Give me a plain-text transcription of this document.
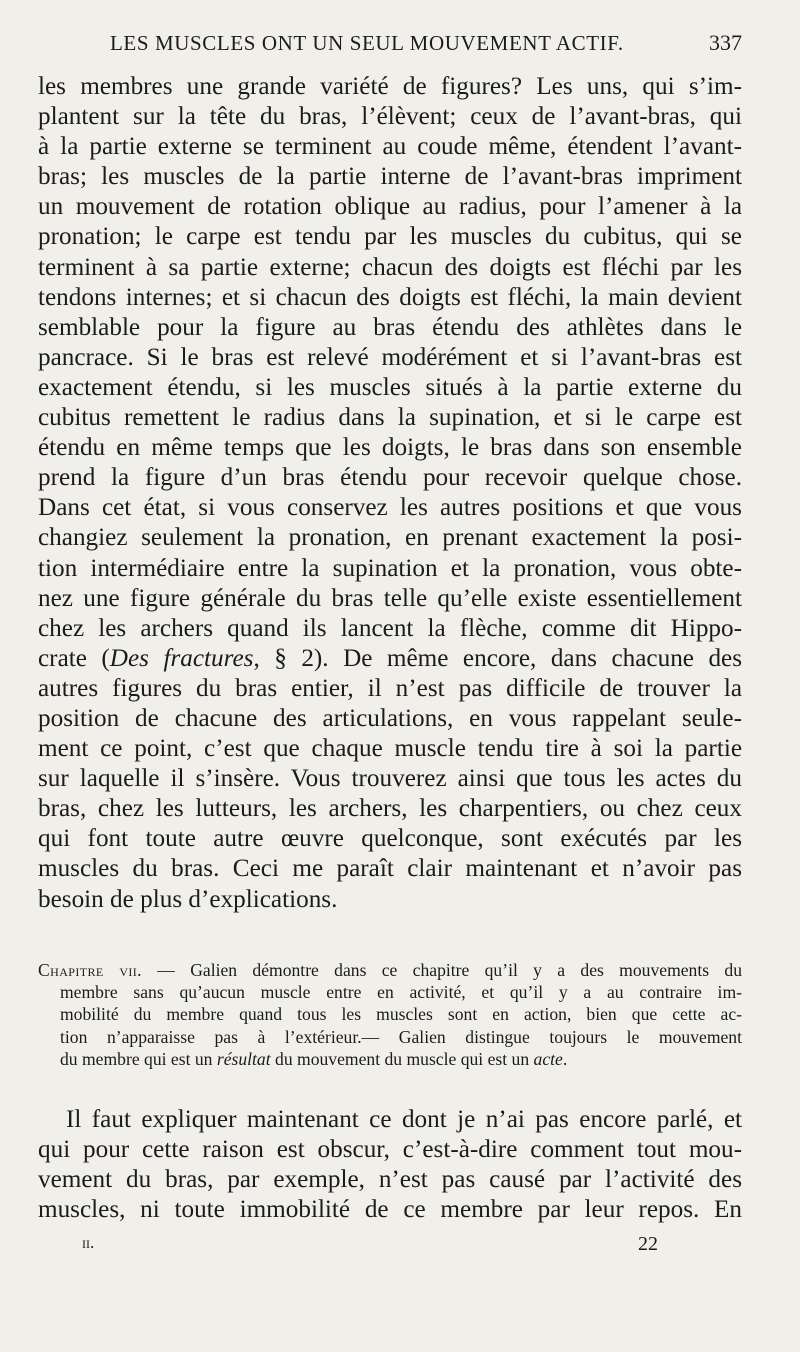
LES MUSCLES ONT UN SEUL MOUVEMENT ACTIF.	337
les membres une grande variété de figures? Les uns, qui s’im-
plantent sur la tête du bras, l’élèvent; ceux de l’avant-bras, qui
à la partie externe se terminent au coude même, étendent l’avant-
bras; les muscles de la partie interne de l’avant-bras impriment
un mouvement de rotation oblique au radius, pour l’amener à la
pronation; le carpe est tendu par les muscles du cubitus, qui se
terminent à sa partie externe; chacun des doigts est fléchi par les
tendons internes; et si chacun des doigts est fléchi, la main devient
semblable pour la figure au bras étendu des athlètes dans le
pancrace. Si le bras est relevé modérément et si l’avant-bras est
exactement étendu, si les muscles situés à la partie externe du
cubitus remettent le radius dans la supination, et si le carpe est
étendu en même temps que les doigts, le bras dans son ensemble
prend la figure d’un bras étendu pour recevoir quelque chose.
Dans cet état, si vous conservez les autres positions et que vous
changiez seulement la pronation, en prenant exactement la posi-
tion intermédiaire entre la supination et la pronation, vous obte-
nez une figure générale du bras telle qu’elle existe essentiellement
chez les archers quand ils lancent la flèche, comme dit Hippo-
crate (Des fractures, § 2). De même encore, dans chacune des
autres figures du bras entier, il n’est pas difficile de trouver la
position de chacune des articulations, en vous rappelant seule-
ment ce point, c’est que chaque muscle tendu tire à soi la partie
sur laquelle il s’insère. Vous trouverez ainsi que tous les actes du
bras, chez les lutteurs, les archers, les charpentiers, ou chez ceux
qui font toute autre œuvre quelconque, sont exécutés par les
muscles du bras. Ceci me paraît clair maintenant et n’avoir pas
besoin de plus d’explications.
Chapitre vii. — Galien démontre dans ce chapitre qu’il y a des mouvements du
membre sans qu’aucun muscle entre en activité, et qu’il y a au contraire im-
mobilité du membre quand tous les muscles sont en action, bien que cette ac-
tion n’apparaisse pas à l’extérieur.— Galien distingue toujours le mouvement
du membre qui est un résultat du mouvement du muscle qui est un acte.
Il faut expliquer maintenant ce dont je n’ai pas encore parlé, et
qui pour cette raison est obscur, c’est-à-dire comment tout mou-
vement du bras, par exemple, n’est pas causé par l’activité des
muscles, ni toute immobilité de ce membre par leur repos. En
ii.	22
